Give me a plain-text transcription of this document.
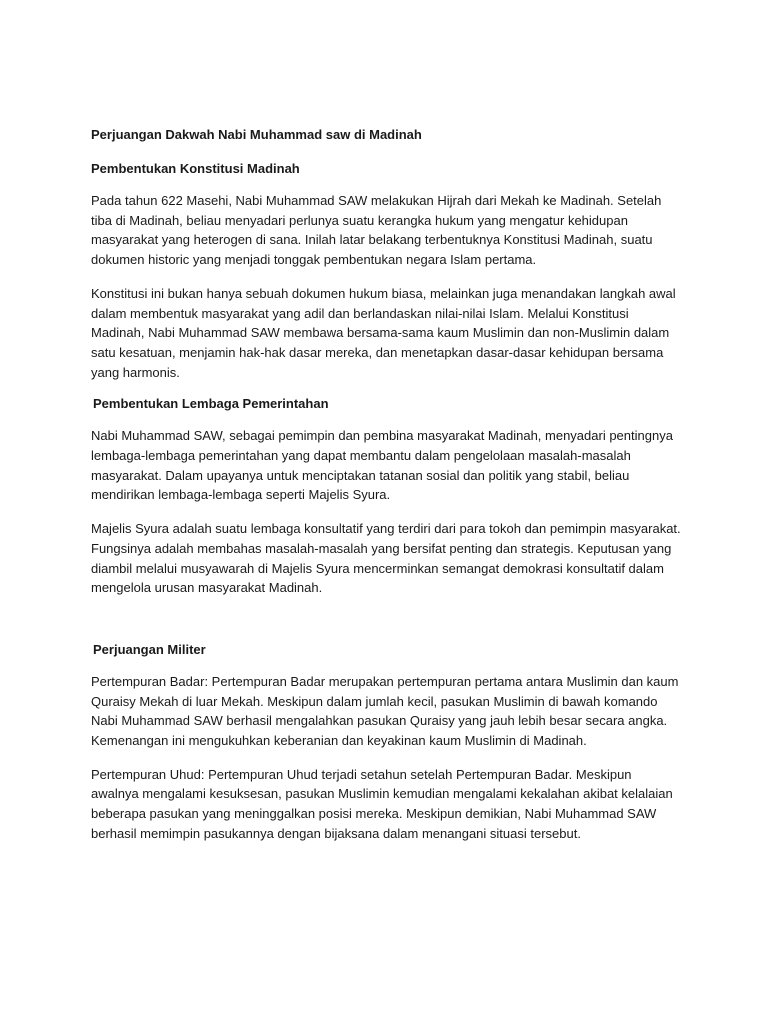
Perjuangan Dakwah Nabi Muhammad saw di Madinah

Pembentukan Konstitusi Madinah

Pada tahun 622 Masehi, Nabi Muhammad SAW melakukan Hijrah dari Mekah ke Madinah. Setelah tiba di Madinah, beliau menyadari perlunya suatu kerangka hukum yang mengatur kehidupan masyarakat yang heterogen di sana. Inilah latar belakang terbentuknya Konstitusi Madinah, suatu dokumen historic yang menjadi tonggak pembentukan negara Islam pertama.

Konstitusi ini bukan hanya sebuah dokumen hukum biasa, melainkan juga menandakan langkah awal dalam membentuk masyarakat yang adil dan berlandaskan nilai-nilai Islam. Melalui Konstitusi Madinah, Nabi Muhammad SAW membawa bersama-sama kaum Muslimin dan non-Muslimin dalam satu kesatuan, menjamin hak-hak dasar mereka, dan menetapkan dasar-dasar kehidupan bersama yang harmonis.

Pembentukan Lembaga Pemerintahan

Nabi Muhammad SAW, sebagai pemimpin dan pembina masyarakat Madinah, menyadari pentingnya lembaga-lembaga pemerintahan yang dapat membantu dalam pengelolaan masalah-masalah masyarakat. Dalam upayanya untuk menciptakan tatanan sosial dan politik yang stabil, beliau mendirikan lembaga-lembaga seperti Majelis Syura.

Majelis Syura adalah suatu lembaga konsultatif yang terdiri dari para tokoh dan pemimpin masyarakat. Fungsinya adalah membahas masalah-masalah yang bersifat penting dan strategis. Keputusan yang diambil melalui musyawarah di Majelis Syura mencerminkan semangat demokrasi konsultatif dalam mengelola urusan masyarakat Madinah.

Perjuangan Militer

Pertempuran Badar: Pertempuran Badar merupakan pertempuran pertama antara Muslimin dan kaum Quraisy Mekah di luar Mekah. Meskipun dalam jumlah kecil, pasukan Muslimin di bawah komando Nabi Muhammad SAW berhasil mengalahkan pasukan Quraisy yang jauh lebih besar secara angka. Kemenangan ini mengukuhkan keberanian dan keyakinan kaum Muslimin di Madinah.

Pertempuran Uhud: Pertempuran Uhud terjadi setahun setelah Pertempuran Badar. Meskipun awalnya mengalami kesuksesan, pasukan Muslimin kemudian mengalami kekalahan akibat kelalaian beberapa pasukan yang meninggalkan posisi mereka. Meskipun demikian, Nabi Muhammad SAW berhasil memimpin pasukannya dengan bijaksana dalam menangani situasi tersebut.
